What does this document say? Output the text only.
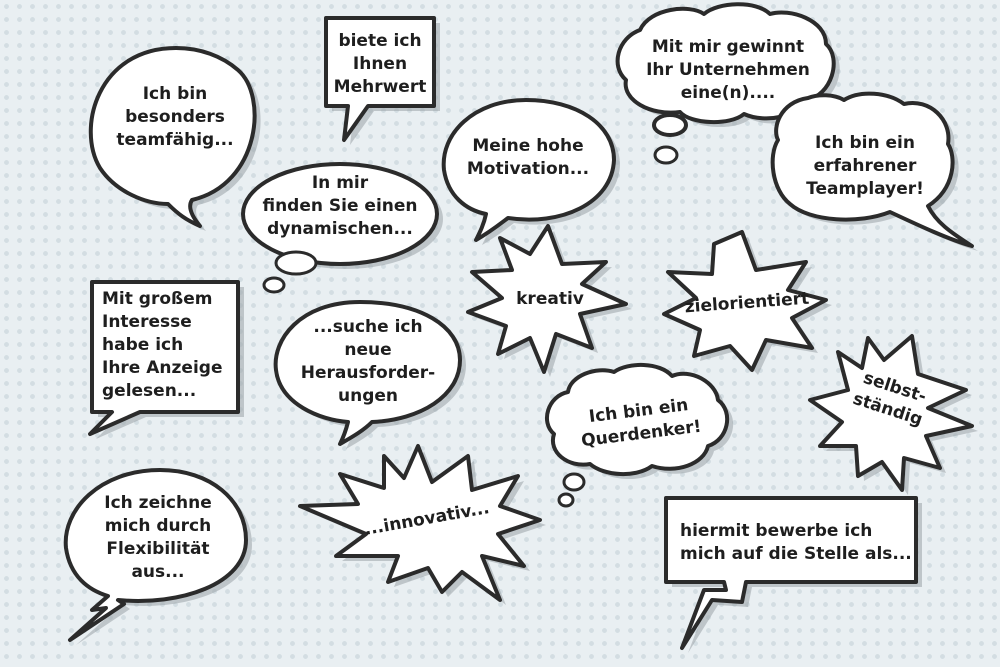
Ich bin
besonders
teamfähig...
biete ich
Ihnen
Mehrwert
Mit mir gewinnt
Ihr Unternehmen
eine(n)....
Meine hohe
Motivation...
Ich bin ein
erfahrener
Teamplayer!
In mir
finden Sie einen
dynamischen...
kreativ	zielorientiert
Mit großem
Interesse
habe ich
Ihre Anzeige
gelesen...
...suche ich
neue
Herausforder-
ungen	selbst-
ständig
Ich bin ein
Querdenker!
Ich zeichne
mich durch
Flexibilität
aus...
...innovativ...	hiermit bewerbe ich
mich auf die Stelle als...
